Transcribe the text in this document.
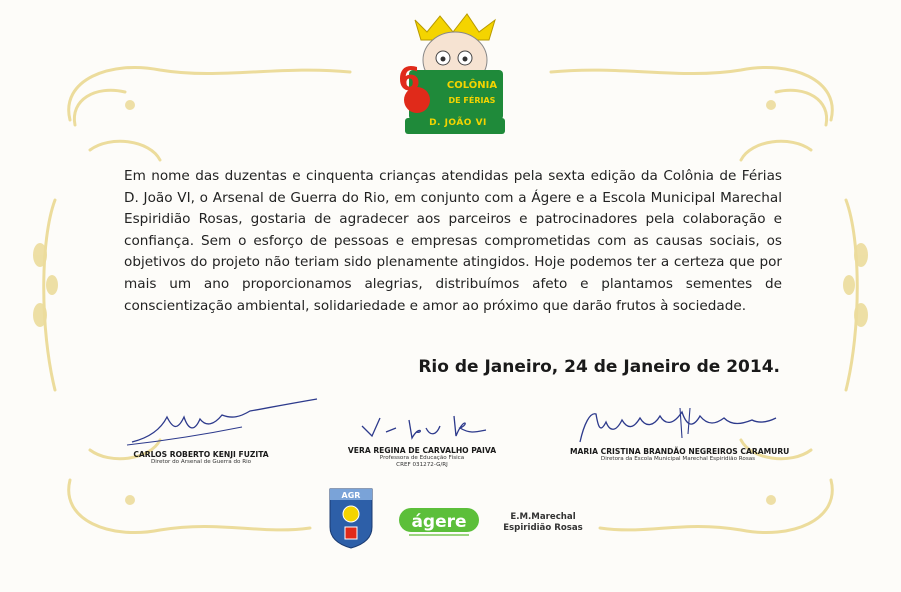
6	COLÔNIA
DE FÉRIAS
D. JOÃO VI

Em nome das duzentas e cinquenta crianças atendidas pela sexta edição da Colônia de Férias D. João VI, o Arsenal de Guerra do Rio, em conjunto com a Ágere e a Escola Municipal Marechal Espiridião Rosas, gostaria de agradecer aos parceiros e patrocinadores pela colaboração e confiança. Sem o esforço de pessoas e empresas comprometidas com as causas sociais, os objetivos do projeto não teriam sido plenamente atingidos. Hoje podemos ter a certeza que por mais um ano proporcionamos alegrias, distribuímos afeto e plantamos sementes de conscientização ambiental, solidariedade e amor ao próximo que darão frutos à sociedade.

Rio de Janeiro, 24 de Janeiro de 2014.
CARLOS ROBERTO KENJI FUZITA
Diretor do Arsenal de Guerra do Rio
VERA REGINA DE CARVALHO PAIVA
Professora de Educação Física
CREF 031272-G/RJ
MARIA CRISTINA BRANDÃO NEGREIROS CARAMURU
Diretora da Escola Municipal Marechal Espiridião Rosas
AGR
ágere	E.M.Marechal
Espiridião Rosas
